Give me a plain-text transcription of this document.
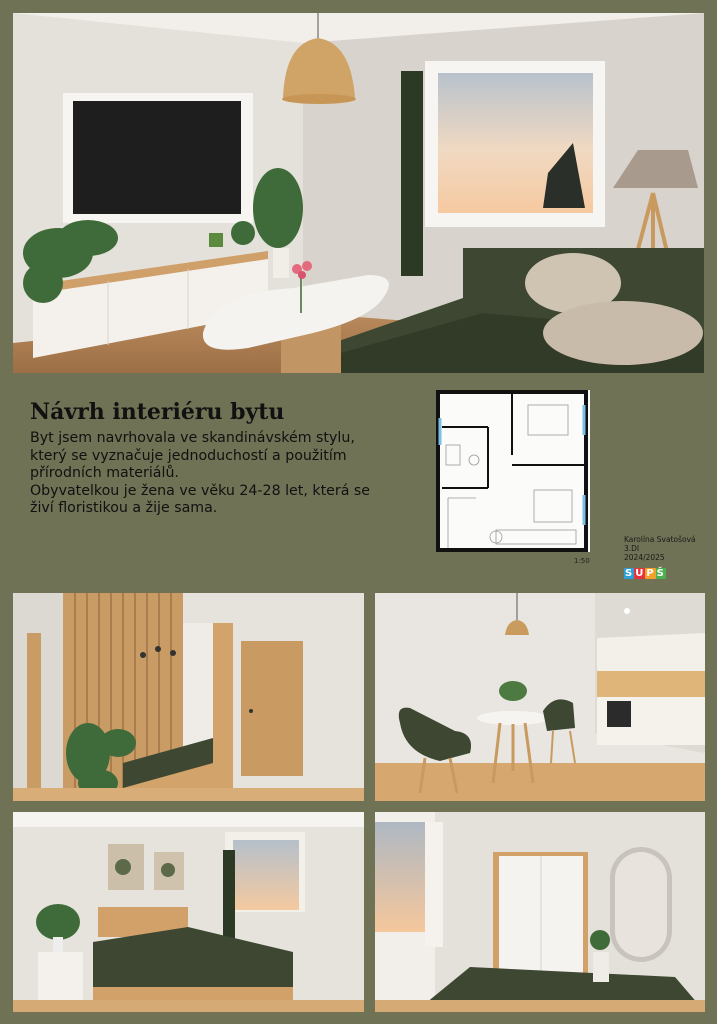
Návrh interiéru bytu

Byt jsem navrhovala ve skandinávském stylu, který se vyznačuje jednoduchostí a použitím přírodních materiálů.

Obyvatelkou je žena ve věku 24-28 let, která se živí floristikou a žije sama.

1:50
Karolína Svatošová
3.DI
2024/2025
S U P Š
